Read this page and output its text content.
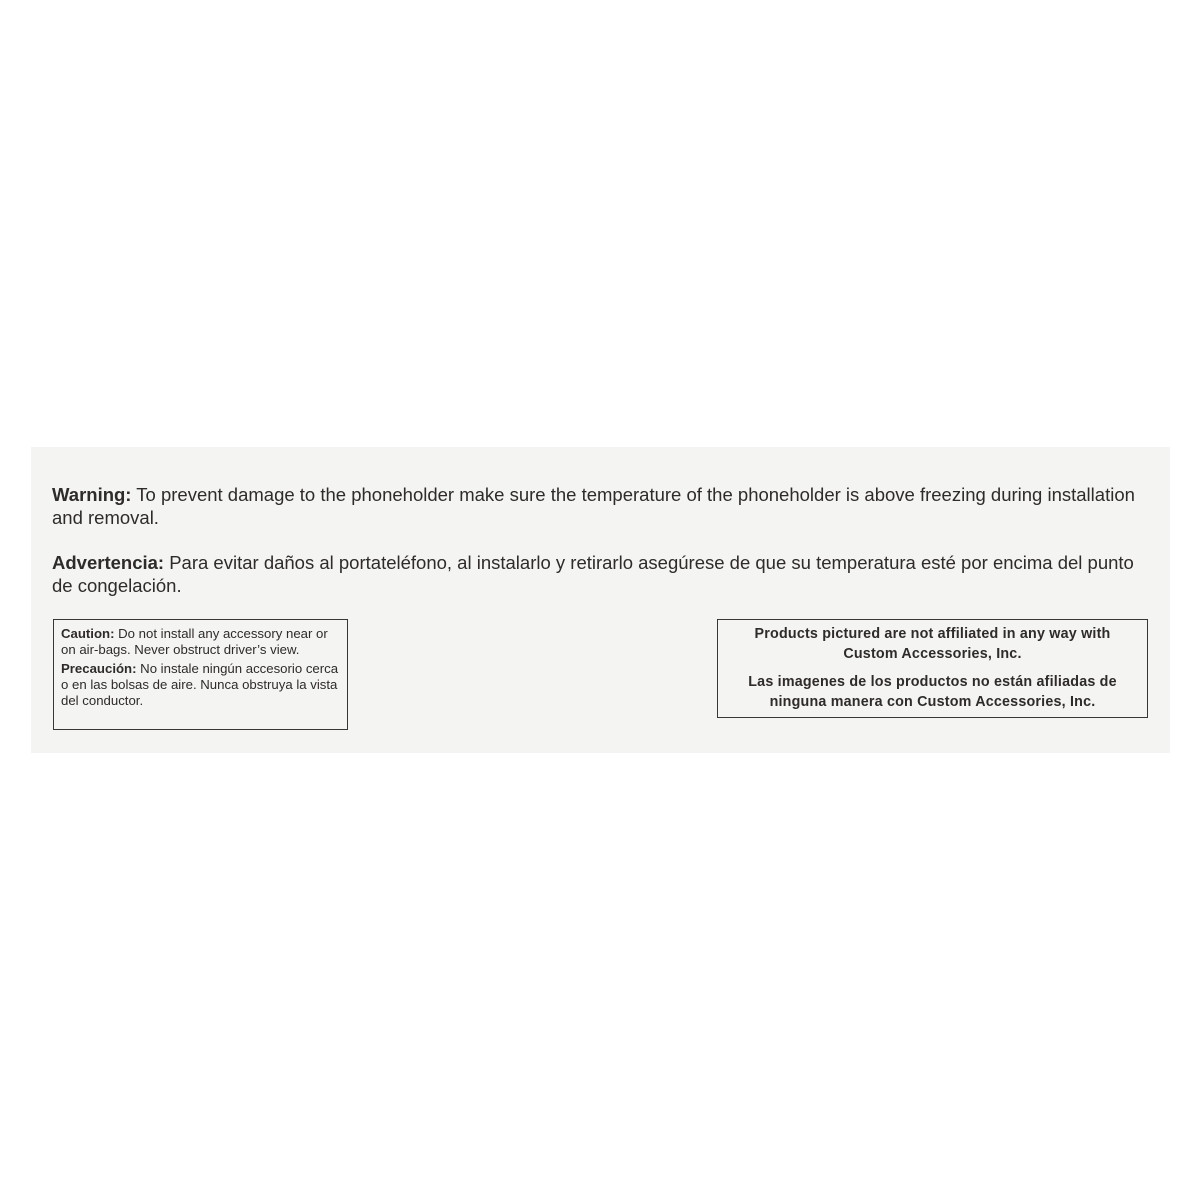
Warning: To prevent damage to the phoneholder make sure the temperature of the phoneholder is above freezing during installation and removal.

Advertencia: Para evitar daños al portateléfono, al instalarlo y retirarlo asegúrese de que su temperatura esté por encima del punto de congelación.

Caution: Do not install any accessory near or on air-bags. Never obstruct driver’s view.

Precaución: No instale ningún accesorio cerca o en las bolsas de aire. Nunca obstruya la vista del conductor.

Products pictured are not affiliated in any way with Custom Accessories, Inc.

Las imagenes de los productos no están afiliadas de ninguna manera con Custom Accessories, Inc.
